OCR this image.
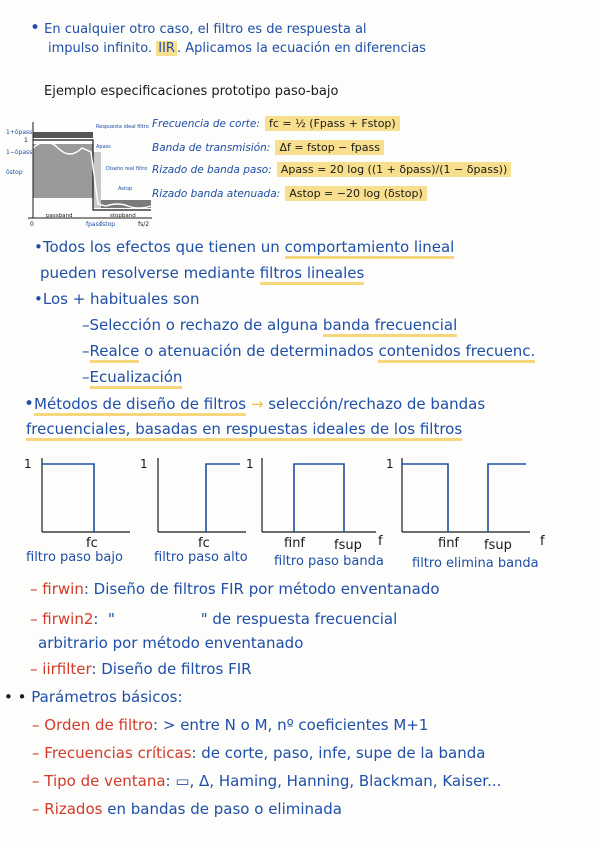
• En cualquier otro caso, el filtro es de respuesta al
impulso infinito. IIR . Aplicamos la ecuación en diferencias
Ejemplo especificaciones prototipo paso-bajo
1+δpass
1
1−δpass
δstop
0	fpass
fstop	fs/2
passband	stopband
Respuesta ideal filtro
Apass
Diseño real filtro
Astop
Frecuencia de corte: fc = ½ (Fpass + Fstop)
Banda de transmisión: Δf = fstop − fpass
Rizado de banda paso: Apass = 20 log ((1 + δpass)/(1 − δpass))
Rizado banda atenuada: Astop = −20 log (δstop)
•Todos los efectos que tienen un comportamiento lineal
pueden resolverse mediante filtros lineales
•Los + habituales son
–Selección o rechazo de alguna banda frecuencial
–Realce o atenuación de determinados contenidos frecuenc.
–Ecualización
•Métodos de diseño de filtros → selección/rechazo de bandas
frecuenciales, basadas en respuestas ideales de los filtros
1
fc
filtro paso bajo
1
fc
filtro paso alto
1
finf fsup f
filtro paso banda
1
finf fsup f
filtro elimina banda
– firwin: Diseño de filtros FIR por método enventanado
– firwin2:  "                  " de respuesta frecuencial
arbitrario por método enventanado
– iirfilter: Diseño de filtros FIR
• • Parámetros básicos:
– Orden de filtro: > entre N o M, nº coeficientes M+1
– Frecuencias críticas: de corte, paso, infe, supe de la banda
– Tipo de ventana: ▭, Δ, Haming, Hanning, Blackman, Kaiser...
– Rizados en bandas de paso o eliminada
